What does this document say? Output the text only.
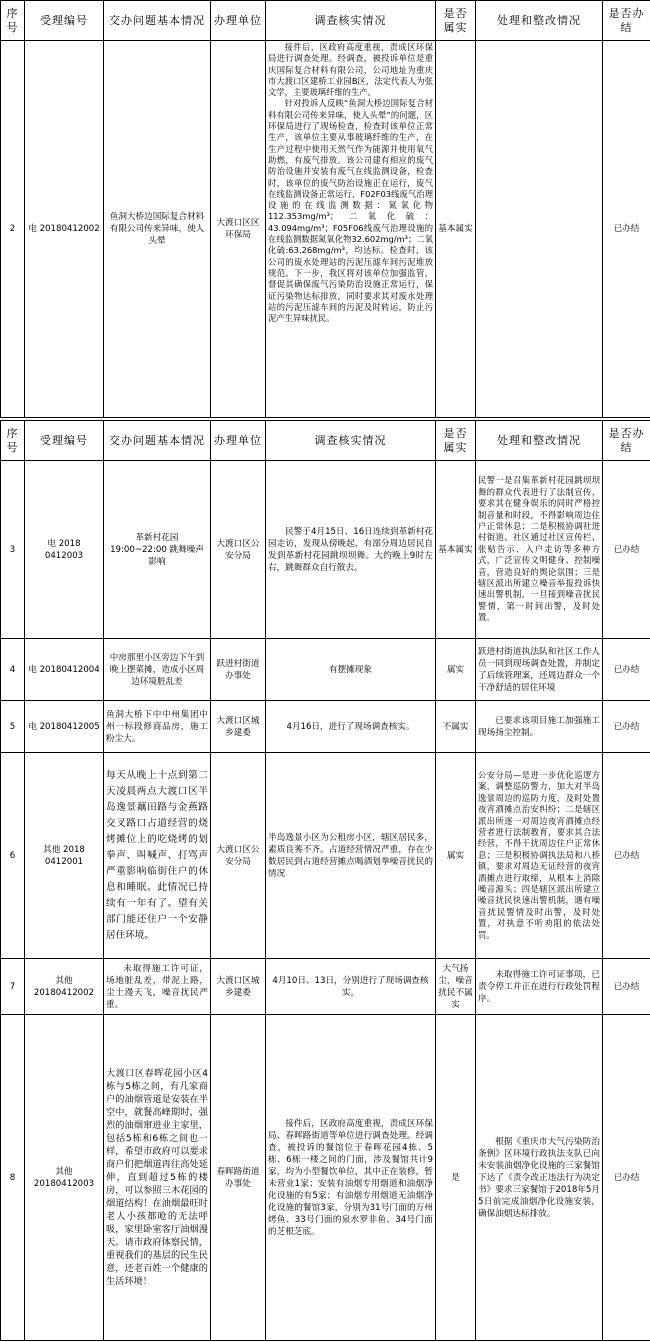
序号	受理编号	交办问题基本情况	办理单位	调查核实情况	是否属实	处理和整改情况	是否办结
2	电 20180412002	鱼洞大桥边国际复合材料有限公司传来异味，使人头晕	大渡口区区环保局	接件后，区政府高度重视，责成区环保局进行调查处理。经调查，被投诉单位是重庆国际复合材料有限公司，公司地址为重庆市大渡口区建桥工业园B区，法定代表人为张文学，主要玻璃纤维的生产。

针对投诉人反映“鱼洞大桥边国际复合材料有限公司传来异味，使人头晕”的问题，区环保局进行了现场检查，检查时该单位正常生产，该单位主要从事玻璃纤维的生产，在生产过程中使用天然气作为能源并使用氧气助燃，有废气排放。该公司建有相应的废气防治设施并安装有废气在线监测设备，检查时，该单位的废气防治设施正在运行，废气在线监测设备正常运行，F02F03线废气治理设施的在线监测数据：氮氧化物112.353mg/m³；二氧化硫：43.094mg/m³；F05F06线废气治理设施的在线监测数据氮氧化物32.602mg/m³；二氧化硫:63.268mg/m³，均达标。检查时，该公司的废水处理站的污泥压滤车间污泥堆放规范。下一步，我区将对该单位加强监管，督促其确保废气污染防治设施正常运行，保证污染物达标排放，同时要求其对废水处理站的污泥压滤车间的污泥及时转运，防止污泥产生异味扰民。	基本属实		已办结
序号	受理编号	交办问题基本情况	办理单位	调查核实情况	是否属实	处理和整改情况	是否办结
3	电 2018 0412003	革新村花园 19:00~22:00 跳舞噪声影响	大渡口区公安分局	民警于4月15日、16日连续到革新村花园走访，发现从傍晚起，有部分周边居民自发到革新村花园跳坝坝舞。大约晚上9时左右，跳舞群众自行散去。	基本属实	民警一是召集革新村花园跳坝坝舞的群众代表进行了法制宣传，要求其在健身娱乐的同时严格控制音量和时段，不得影响周边住户正常休息；二是积极协调社进村街道、社区通过社区宣传栏、张贴告示、入户走访等多种方式，广泛宣传文明健身、控制噪音，营造良好的舆论氛围；三是辖区派出所建立噪音举报投诉快速出警机制，一旦接到噪音扰民警情，第一时间出警，及时处置。	已办结
4	电 20180412004	中房那里小区旁边下午到晚上摆菜摊，造成小区周边环境脏乱差	跃进村街道办事处	有摆摊现象	属实	跃进村街道执法队和社区工作人员一同到现场调查处置，并制定了后续管理案，还周边群众一个干净舒适的居住环境	已办结
5	电 20180412005	鱼洞大桥下中中州集团中州一标段修商品房，施工粉尘大。	大渡口区城乡建委	4月16日，进行了现场调查核实。	不属实	已要求该项目施工加强施工现场扬尘控制。	已办结
6	其他 2018 0412001	每天从晚上十点到第二天凌晨两点大渡口区半岛逸景藕田路与金燕路交叉路口占道经营的烧烤摊位上的吃烧烤的划拳声、叫喊声、打骂声严重影响临街住户的休息和睡眠。此情况已持续有一年有了。望有关部门能还住户一个安静居住环境。	大渡口区公安分局	半岛逸景小区为公租房小区，辖区居民多，素质良莠不齐。占道经营情况严重，存在少数居民到占道经营摊点喝酒划拳噪音扰民的情况	属实	公安分局—是进一步优化巡逻方案，调整巡防警力，加大对半岛逸景周边的巡防力度，及时处置夜宵酒摊点治安纠纷；二是辖区派出所逐一对周边夜宵酒摊点经营者进行法制教育，要求其合法经营，不得干扰周边住户正常休息；三是积极协调执法局和八桥镇，要求对周边无证经营的夜宵酒摊点进行取缔，从根本上消除噪音源头；四是辖区派出所建立噪音扰民快速出警机制，遇有噪音扰民警情及时出警，及时处置，对执意不听劝阻的依法处罚。	已办结
7	其他 20180412002	未取得施工许可证，场地脏乱差，带泥上路，尘土漫天飞，噪音扰民严重。	大渡口区城乡建委	4月10日、13日，分别进行了现场调查核实。	大气扬尘，噪音扰民不属实	未取得施工许可证事项，已责令停工并正在进行行政处罚程序。	已办结
8	其他 20180412003	大渡口区春晖花园小区4栋与5栋之间，有几家商户的油烟管道是安装在半空中，就餐高峰期时，强烈的油烟窜进业主家里，包括5栋和6栋之间也一样，希望市政府可以要求商户们把烟道再往高处延伸，直到超过5栋的楼房，可以参照三木花园的烟道结构！在油烟最旺时老人小孩都呛的无法呼吸，家里卧室客厅油烟漫天。请市政府体察民情，重视我们的基层的民生民意，还老百姓一个健康的生活环境！	春晖路街道办事处	接件后，区政府高度重视，责成区环保局、春晖路街道等单位进行调查处理。经调查，被投诉的餐馆位于春晖花园4栋、5栋、6栋一楼之间的门面，涉及餐馆共计9家，均为小型餐饮单位，其中正在装修，暂未营业1家；安装有油烟专用烟道和油烟净化设施的有5家；有油烟专用烟道无油烟净化设施的餐馆3家，分别为31号门面的万州烤鱼、33号门面的泉水罗非鱼、34号门面的芝根芝底。	是	根据《重庆市大气污染防治条例》区环境行政执法支队已向未安装油烟净化设施的三家餐馆下达了《责令改正违法行为决定书》要求三家餐馆于2018年5月5日前完成油烟净化设施安装，确保油烟达标排放。	已办结
